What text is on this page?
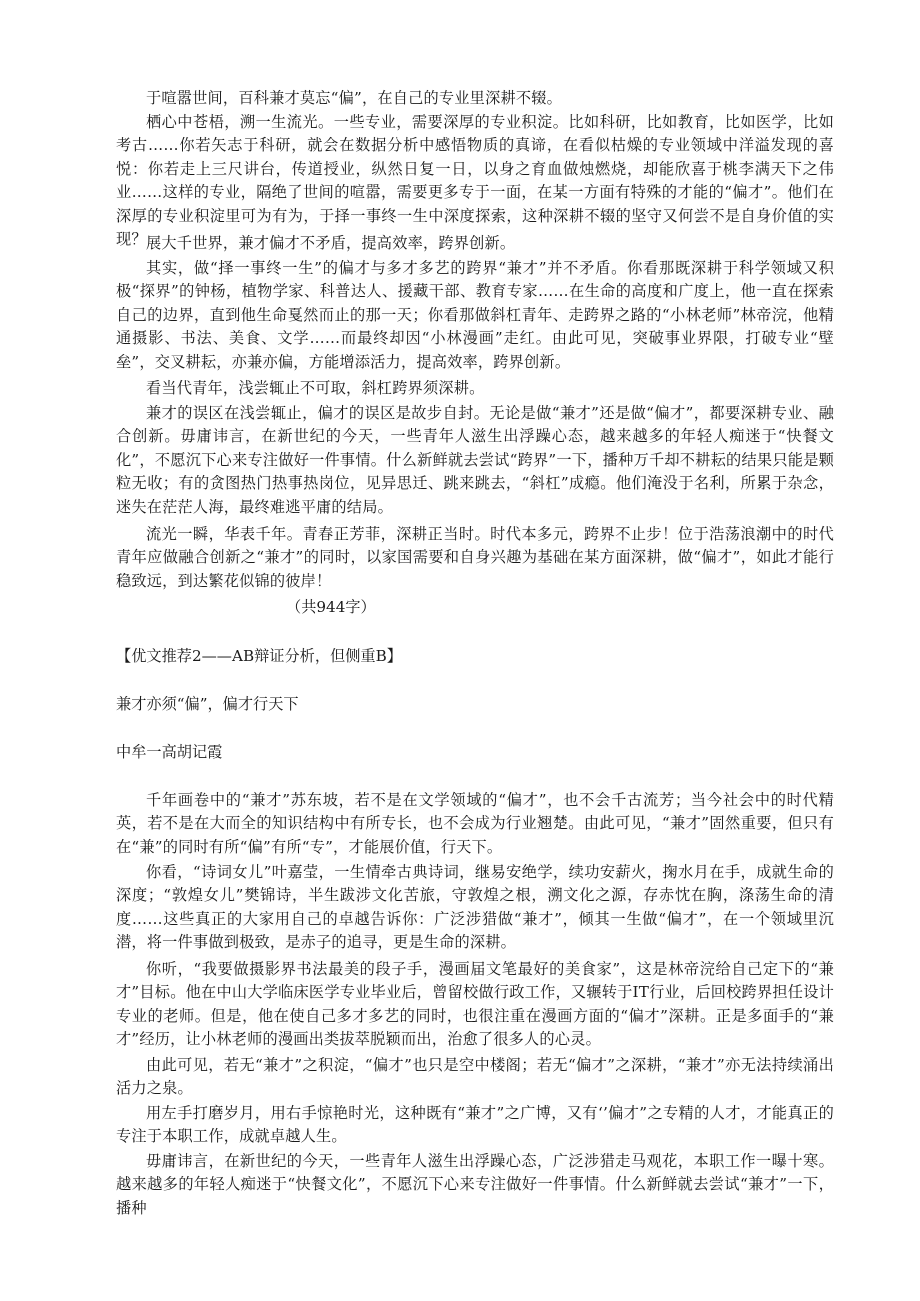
于喧嚣世间，百科兼才莫忘“偏”，在自己的专业里深耕不辍。

栖心中苍梧，溯一生流光。一些专业，需要深厚的专业积淀。比如科研，比如教育，比如医学，比如考古……你若矢志于科研，就会在数据分析中感悟物质的真谛，在看似枯燥的专业领域中洋溢发现的喜悦：你若走上三尺讲台，传道授业，纵然日复一日，以身之育血做烛燃烧，却能欣喜于桃李满天下之伟业……这样的专业，隔绝了世间的喧嚣，需要更多专于一面，在某一方面有特殊的才能的“偏才”。他们在深厚的专业积淀里可为有为，于择一事终一生中深度探索，这种深耕不辍的坚守又何尝不是自身价值的实现？ 展大千世界，兼才偏才不矛盾，提高效率，跨界创新。

其实，做“择一事终一生”的偏才与多才多艺的跨界“兼才”并不矛盾。你看那既深耕于科学领域又积极“探界”的钟杨，植物学家、科普达人、援藏干部、教育专家……在生命的高度和广度上，他一直在探索自己的边界，直到他生命戛然而止的那一天；你看那做斜杠青年、走跨界之路的“小林老师”林帝浣，他精通摄影、书法、美食、文学……而最终却因“小林漫画”走红。由此可见，突破事业界限，打破专业“壁垒”，交叉耕耘，亦兼亦偏，方能增添活力，提高效率，跨界创新。

看当代青年，浅尝辄止不可取，斜杠跨界须深耕。

兼才的误区在浅尝辄止，偏才的误区是故步自封。无论是做“兼才”还是做“偏才”，都要深耕专业、融合创新。毋庸讳言，在新世纪的今天，一些青年人滋生出浮躁心态，越来越多的年轻人痴迷于“快餐文化”，不愿沉下心来专注做好一件事情。什么新鲜就去尝试“跨界”一下，播种万千却不耕耘的结果只能是颗粒无收；有的贪图热门热事热岗位，见异思迁、跳来跳去，“斜杠”成瘾。他们淹没于名利，所累于杂念，迷失在茫茫人海，最终难逃平庸的结局。

流光一瞬，华表千年。青春正芳菲，深耕正当时。时代本多元，跨界不止步！位于浩荡浪潮中的时代青年应做融合创新之“兼才”的同时，以家国需要和自身兴趣为基础在某方面深耕，做“偏才”，如此才能行稳致远，到达繁花似锦的彼岸！

（共944字）

【优文推荐2——AB辩证分析，但侧重B】

兼才亦须“偏”，偏才行天下

中牟一高胡记霞

千年画卷中的“兼才”苏东坡，若不是在文学领域的“偏才”，也不会千古流芳；当今社会中的时代精英，若不是在大而全的知识结构中有所专长，也不会成为行业翘楚。由此可见，“兼才”固然重要，但只有在“兼”的同时有所“偏”有所“专”，才能展价值，行天下。

你看，“诗词女儿”叶嘉莹，一生情牵古典诗词，继易安绝学，续功安薪火，掬水月在手，成就生命的深度；“敦煌女儿”樊锦诗，半生跋涉文化苦旅，守敦煌之根，溯文化之源，存赤忱在胸，涤荡生命的清度……这些真正的大家用自己的卓越告诉你：广泛涉猎做“兼才”，倾其一生做“偏才”，在一个领域里沉潜，将一件事做到极致，是赤子的追寻，更是生命的深耕。

你听，“我要做摄影界书法最美的段子手，漫画届文笔最好的美食家”，这是林帝浣给自己定下的“兼才”目标。他在中山大学临床医学专业毕业后，曾留校做行政工作，又辗转于IT行业，后回校跨界担任设计专业的老师。但是，他在使自己多才多艺的同时，也很注重在漫画方面的“偏才”深耕。正是多面手的“兼才”经历，让小林老师的漫画出类拔萃脱颖而出，治愈了很多人的心灵。

由此可见，若无“兼才”之积淀，“偏才”也只是空中楼阁；若无“偏才”之深耕，“兼才”亦无法持续涌出活力之泉。

用左手打磨岁月，用右手惊艳时光，这种既有“兼才”之广博，又有‘’偏才”之专精的人才，才能真正的专注于本职工作，成就卓越人生。

毋庸讳言，在新世纪的今天，一些青年人滋生出浮躁心态，广泛涉猎走马观花，本职工作一曝十寒。越来越多的年轻人痴迷于“快餐文化”，不愿沉下心来专注做好一件事情。什么新鲜就去尝试“兼才”一下，播种
